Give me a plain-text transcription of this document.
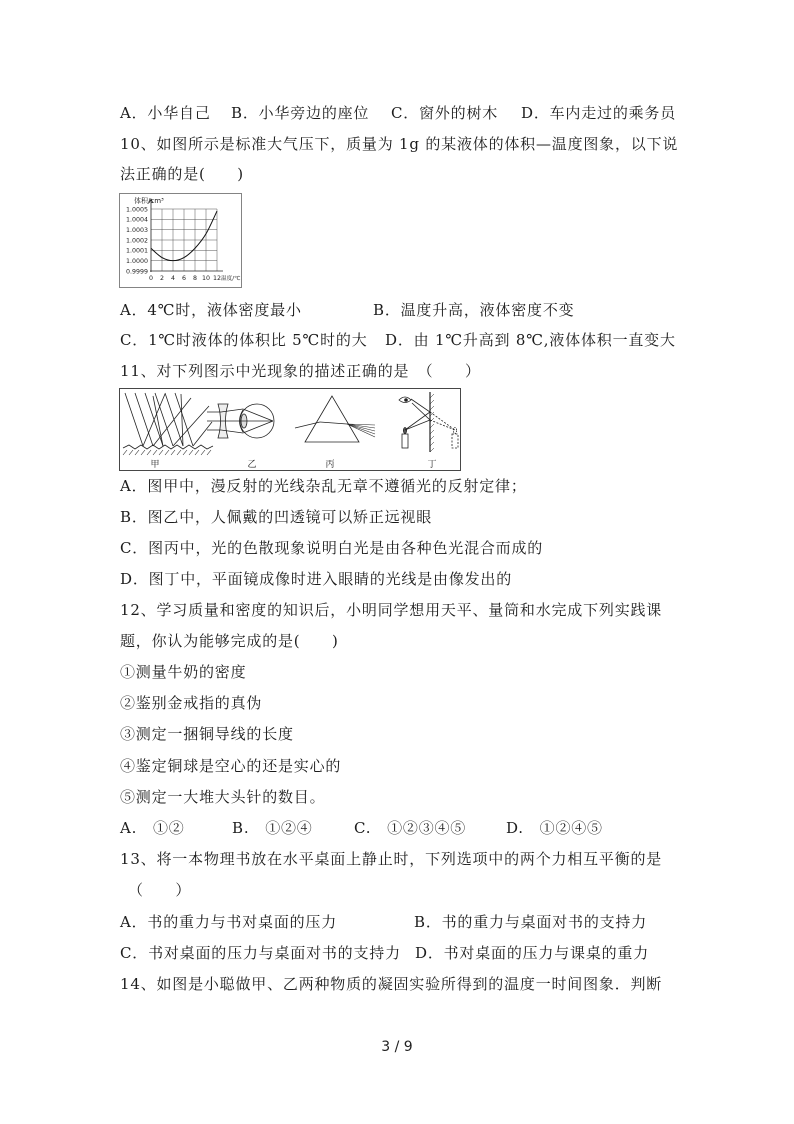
A．小华自己 B．小华旁边的座位 C．窗外的树木 D．车内走过的乘务员
10、如图所示是标准大气压下，质量为 1g 的某液体的体积—温度图象，以下说
法正确的是(　　)
体积/cm³
1.0005
1.0004
1.0003
1.0002
1.0001
1.0000
0.9999
0 2 4 6 8 10 12 温度/℃
A．4℃时，液体密度最小	B．温度升高，液体密度不变
C．1℃时液体的体积比 5℃时的大 D．由 1℃升高到 8℃,液体体积一直变大
11、对下列图示中光现象的描述正确的是　（　　）
甲	乙	丙	丁
A．图甲中，漫反射的光线杂乱无章不遵循光的反射定律；
B．图乙中，人佩戴的凹透镜可以矫正远视眼
C．图丙中，光的色散现象说明白光是由各种色光混合而成的
D．图丁中，平面镜成像时进入眼睛的光线是由像发出的
12、学习质量和密度的知识后，小明同学想用天平、量筒和水完成下列实践课
题，你认为能够完成的是(　　)
①测量牛奶的密度
②鉴别金戒指的真伪
③测定一捆铜导线的长度
④鉴定铜球是空心的还是实心的
⑤测定一大堆大头针的数目。
A.　①②	B.　①②④	C.　①②③④⑤	D.　①②④⑤
13、将一本物理书放在水平桌面上静止时，下列选项中的两个力相互平衡的是
（　　）
A．书的重力与书对桌面的压力	B．书的重力与桌面对书的支持力
C．书对桌面的压力与桌面对书的支持力 D．书对桌面的压力与课桌的重力
14、如图是小聪做甲、乙两种物质的凝固实验所得到的温度一时间图象．判断
3 / 9
